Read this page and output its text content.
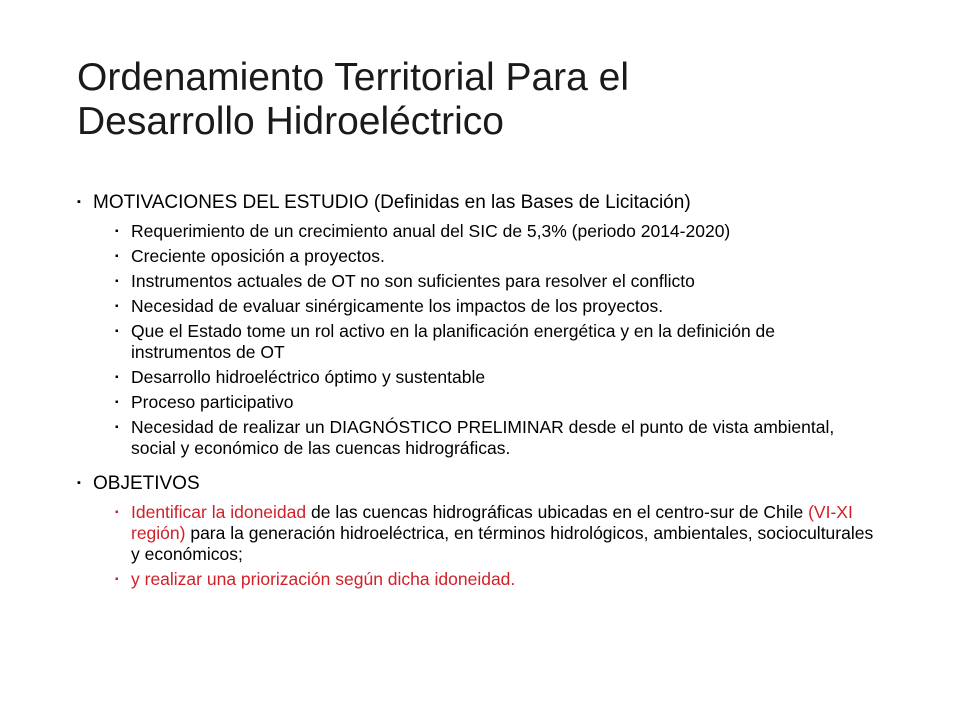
Ordenamiento Territorial Para el
Desarrollo Hidroeléctrico
▪ MOTIVACIONES DEL ESTUDIO (Definidas en las Bases de Licitación)
▪ Requerimiento de un crecimiento anual del SIC de 5,3% (periodo 2014-2020)
▪ Creciente oposición a proyectos.
▪ Instrumentos actuales de OT no son suficientes para resolver el conflicto
▪ Necesidad de evaluar sinérgicamente los impactos de los proyectos.
▪ Que el Estado tome un rol activo en la planificación energética y en la definición de instrumentos de OT
▪ Desarrollo hidroeléctrico óptimo y sustentable
▪ Proceso participativo
▪ Necesidad de realizar un DIAGNÓSTICO PRELIMINAR desde el punto de vista ambiental, social y económico de las cuencas hidrográficas.
▪ OBJETIVOS
▪ Identificar la idoneidad de las cuencas hidrográficas ubicadas en el centro-sur de Chile (VI-XI región) para la generación hidroeléctrica, en términos hidrológicos, ambientales, socioculturales y económicos;
▪ y realizar una priorización según dicha idoneidad.
